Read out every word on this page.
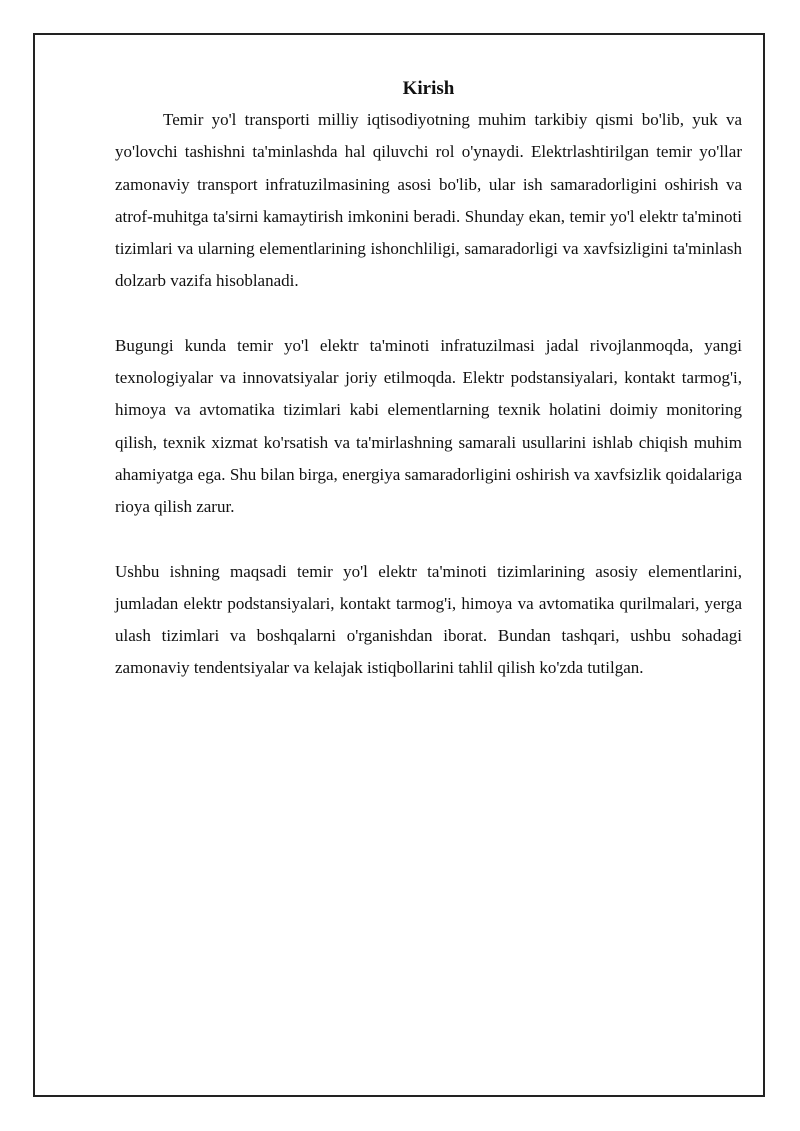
Kirish

Temir yo'l transporti milliy iqtisodiyotning muhim tarkibiy qismi bo'lib, yuk va yo'lovchi tashishni ta'minlashda hal qiluvchi rol o'ynaydi. Elektrlashtirilgan temir yo'llar zamonaviy transport infratuzilmasining asosi bo'lib, ular ish samaradorligini oshirish va atrof-muhitga ta'sirni kamaytirish imkonini beradi. Shunday ekan, temir yo'l elektr ta'minoti tizimlari va ularning elementlarining ishonchliligi, samaradorligi va xavfsizligini ta'minlash dolzarb vazifa hisoblanadi.

Bugungi kunda temir yo'l elektr ta'minoti infratuzilmasi jadal rivojlanmoqda, yangi texnologiyalar va innovatsiyalar joriy etilmoqda. Elektr podstansiyalari, kontakt tarmog'i, himoya va avtomatika tizimlari kabi elementlarning texnik holatini doimiy monitoring qilish, texnik xizmat ko'rsatish va ta'mirlashning samarali usullarini ishlab chiqish muhim ahamiyatga ega. Shu bilan birga, energiya samaradorligini oshirish va xavfsizlik qoidalariga rioya qilish zarur.

Ushbu ishning maqsadi temir yo'l elektr ta'minoti tizimlarining asosiy elementlarini, jumladan elektr podstansiyalari, kontakt tarmog'i, himoya va avtomatika qurilmalari, yerga ulash tizimlari va boshqalarni o'rganishdan iborat. Bundan tashqari, ushbu sohadagi zamonaviy tendentsiyalar va kelajak istiqbollarini tahlil qilish ko'zda tutilgan.
